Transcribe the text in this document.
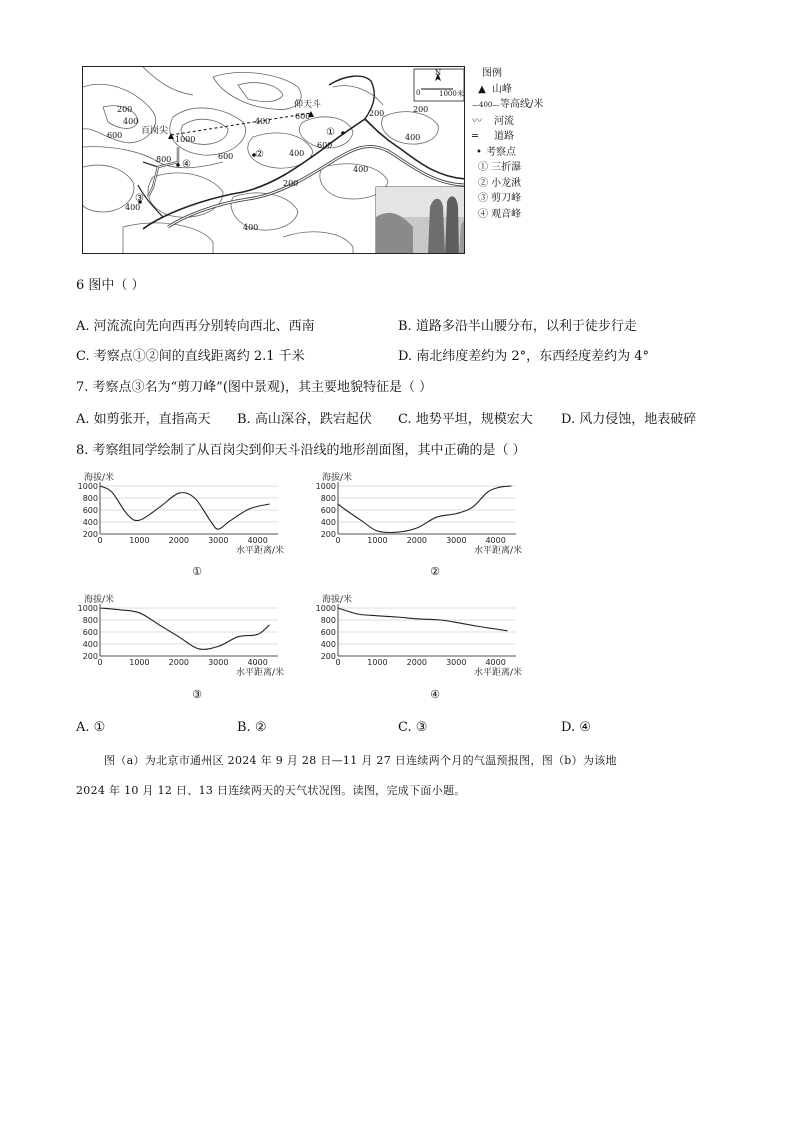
百岗尖
仰天斗
200
400
600	1000
800	600
400
400
600
400
200
400
200
600
200
400
400
①
②
③
④
N
0	1000米
图例
▲ 山峰
—400—等高线/米
〰 河流
═ 道路
• 考察点
① 三折瀑
② 小龙湫
③ 剪刀峰
④ 观音峰
6 图中（ ）
A. 河流流向先向西再分别转向西北、西南	B. 道路多沿半山腰分布，以利于徒步行走
C. 考察点①②间的直线距离约 2.1 千米	D. 南北纬度差约为 2°，东西经度差约为 4°
7. 考察点③名为“剪刀峰”(图中景观)，其主要地貌特征是（ ）
A. 如剪张开，直指高天 B. 高山深谷，跌宕起伏 C. 地势平坦，规模宏大 D. 风力侵蚀，地表破碎
8. 考察组同学绘制了从百岗尖到仰天斗沿线的地形剖面图，其中正确的是（ ）
1000
800
600
400
200
0	1000 2000 3000 4000
海拔/米
水平距离/米
1000
800
600
400
200
0	1000 2000 3000 4000
海拔/米
水平距离/米
1000
800
600
400
200
0	1000 2000 3000 4000
海拔/米
水平距离/米
1000
800
600
400
200
0	1000 2000 3000 4000
海拔/米
水平距离/米
①	②
③	④
A. ①	B. ②	C. ③	D. ④
图（a）为北京市通州区 2024 年 9 月 28 日—11 月 27 日连续两个月的气温预报图，图（b）为该地
2024 年 10 月 12 日、13 日连续两天的天气状况图。读图，完成下面小题。
